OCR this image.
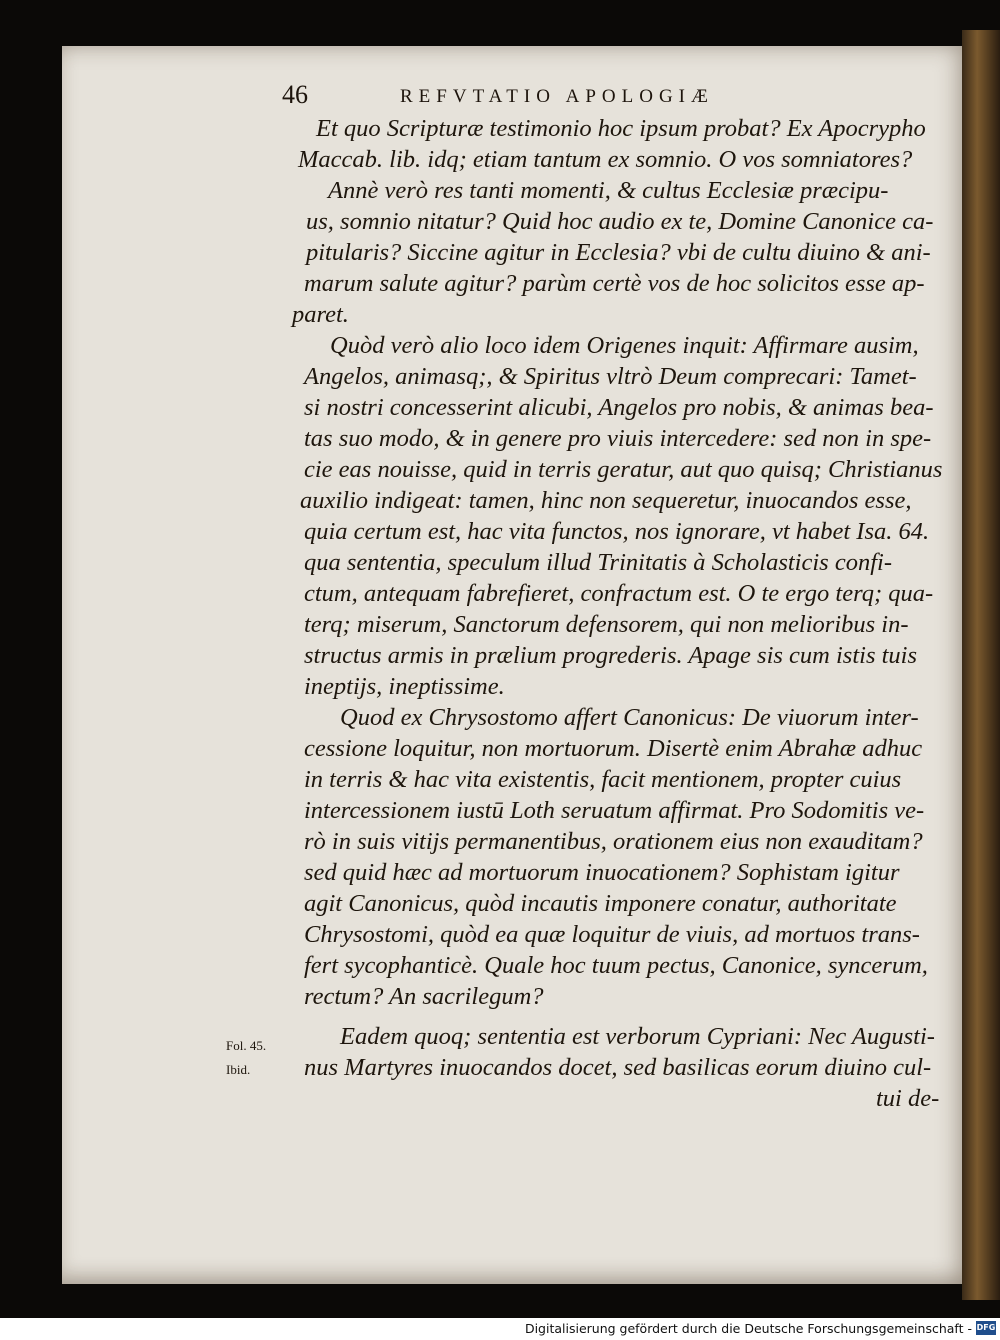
46	REFVTATIO APOLOGIÆ
Et quo Scripturæ testimonio hoc ipsum probat? Ex Apocrypho
Maccab. lib. idq; etiam tantum ex somnio. O vos somniatores?
Annè verò res tanti momenti, & cultus Ecclesiæ præcipu-
us, somnio nitatur? Quid hoc audio ex te, Domine Canonice ca-
pitularis? Siccine agitur in Ecclesia? vbi de cultu diuino & ani-
marum salute agitur? parùm certè vos de hoc solicitos esse ap-
paret.
Quòd verò alio loco idem Origenes inquit: Affirmare ausim,
Angelos, animasq;, & Spiritus vltrò Deum comprecari: Tamet-
si nostri concesserint alicubi, Angelos pro nobis, & animas bea-
tas suo modo, & in genere pro viuis intercedere: sed non in spe-
cie eas nouisse, quid in terris geratur, aut quo quisq; Christianus
auxilio indigeat: tamen, hinc non sequeretur, inuocandos esse,
quia certum est, hac vita functos, nos ignorare, vt habet Isa. 64.
qua sententia, speculum illud Trinitatis à Scholasticis confi-
ctum, antequam fabrefieret, confractum est. O te ergo terq; qua-
terq; miserum, Sanctorum defensorem, qui non melioribus in-
structus armis in prælium progrederis. Apage sis cum istis tuis
ineptijs, ineptissime.
Quod ex Chrysostomo affert Canonicus: De viuorum inter-
cessione loquitur, non mortuorum. Disertè enim Abrahæ adhuc
in terris & hac vita existentis, facit mentionem, propter cuius
intercessionem iustū Loth seruatum affirmat. Pro Sodomitis ve-
rò in suis vitijs permanentibus, orationem eius non exauditam?
sed quid hæc ad mortuorum inuocationem? Sophistam igitur
agit Canonicus, quòd incautis imponere conatur, authoritate
Chrysostomi, quòd ea quæ loquitur de viuis, ad mortuos trans-
fert sycophanticè. Quale hoc tuum pectus, Canonice, syncerum,
rectum? An sacrilegum?
Eadem quoq; sententia est verborum Cypriani: Nec Augusti-
nus Martyres inuocandos docet, sed basilicas eorum diuino cul-
tui de-
Fol. 45.
Ibid.
Digitalisierung gefördert durch die Deutsche Forschungsgemeinschaft - DFG
